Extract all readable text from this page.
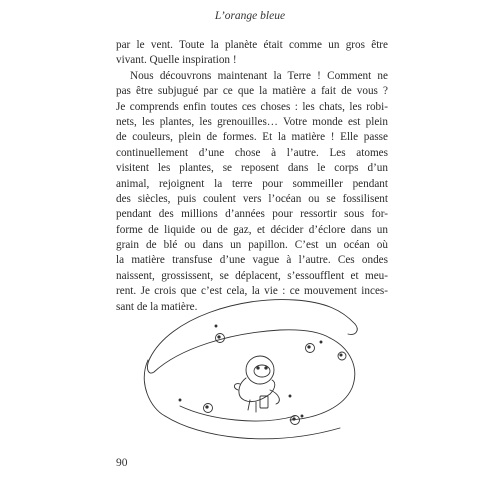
L’orange bleue
par le vent. Toute la planète était comme un gros être
vivant. Quelle inspiration !
Nous découvrons maintenant la Terre ! Comment ne
pas être subjugué par ce que la matière a fait de vous ?
Je comprends enfin toutes ces choses : les chats, les robi-
nets, les plantes, les grenouilles… Votre monde est plein
de couleurs, plein de formes. Et la matière ! Elle passe
continuellement d’une chose à l’autre. Les atomes
visitent les plantes, se reposent dans le corps d’un
animal, rejoignent la terre pour sommeiller pendant
des siècles, puis coulent vers l’océan ou se fossilisent
pendant des millions d’années pour ressortir sous for-
forme de liquide ou de gaz, et décider d’éclore dans un
grain de blé ou dans un papillon. C’est un océan où
la matière transfuse d’une vague à l’autre. Ces ondes
naissent, grossissent, se déplacent, s’essoufflent et meu-
rent. Je crois que c’est cela, la vie : ce mouvement inces-
sant de la matière.
90
